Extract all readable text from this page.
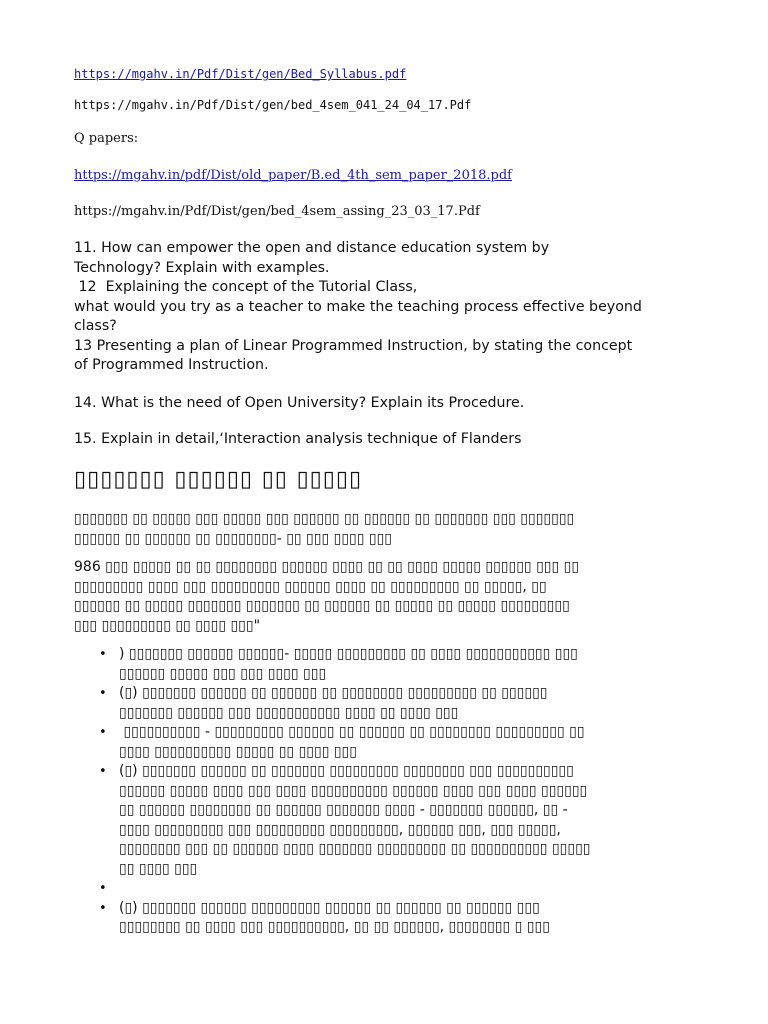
https://mgahv.in/Pdf/Dist/gen/Bed_Syllabus.pdf
https://mgahv.in/Pdf/Dist/gen/bed_4sem_041_24_04_17.Pdf
Q papers:
https://mgahv.in/pdf/Dist/old_paper/B.ed_4th_sem_paper_2018.pdf
https://mgahv.in/Pdf/Dist/gen/bed_4sem_assing_23_03_17.Pdf
11. How can empower the open and distance education system by
Technology? Explain with examples.
12  Explaining the concept of the Tutorial Class,
what would you try as a teacher to make the teaching process effective beyond
class?
13 Presenting a plan of Linear Programmed Instruction, by stating the concept
of Programmed Instruction.
14. What is the need of Open University? Explain its Procedure.
15. Explain in detail,‘Interaction analysis technique of Flanders
▯▯▯▯▯▯▯ ▯▯▯▯▯▯ ▯▯ ▯▯▯▯▯
▯▯▯▯▯▯▯ ▯▯ ▯▯▯▯▯ ▯▯▯ ▯▯▯▯▯ ▯▯▯ ▯▯▯▯▯▯ ▯▯ ▯▯▯▯▯▯ ▯▯ ▯▯▯▯▯▯▯ ▯▯▯ ▯▯▯▯▯▯▯
▯▯▯▯▯▯ ▯▯ ▯▯▯▯▯▯ ▯▯ ▯▯▯▯▯▯▯▯- ▯▯ ▯▯▯ ▯▯▯▯ ▯▯▯
986 ▯▯▯ ▯▯▯▯▯ ▯▯ ▯▯ ▯▯▯▯▯▯▯▯ ▯▯▯▯▯▯ ▯▯▯▯ ▯▯ ▯▯ ▯▯▯▯ ▯▯▯▯▯ ▯▯▯▯▯▯ ▯▯▯ ▯▯
▯▯▯▯▯▯▯▯▯ ▯▯▯▯ ▯▯▯ ▯▯▯▯▯▯▯▯▯ ▯▯▯▯▯▯ ▯▯▯▯ ▯▯ ▯▯▯▯▯▯▯▯▯ ▯▯ ▯▯▯▯▯, ▯▯
▯▯▯▯▯▯ ▯▯ ▯▯▯▯▯ ▯▯▯▯▯▯▯ ▯▯▯▯▯▯▯ ▯▯ ▯▯▯▯▯▯ ▯▯ ▯▯▯▯▯ ▯▯ ▯▯▯▯▯ ▯▯▯▯▯▯▯▯▯
▯▯▯ ▯▯▯▯▯▯▯▯▯ ▯▯ ▯▯▯▯ ▯▯▯"
• ) ▯▯▯▯▯▯▯ ▯▯▯▯▯▯ ▯▯▯▯▯▯- ▯▯▯▯▯ ▯▯▯▯▯▯▯▯▯ ▯▯ ▯▯▯▯ ▯▯▯▯▯▯▯▯▯▯▯ ▯▯▯
▯▯▯▯▯▯ ▯▯▯▯▯ ▯▯▯ ▯▯▯ ▯▯▯▯ ▯▯▯
• (▯) ▯▯▯▯▯▯▯ ▯▯▯▯▯▯ ▯▯ ▯▯▯▯▯▯ ▯▯ ▯▯▯▯▯▯▯▯ ▯▯▯▯▯▯▯▯▯ ▯▯ ▯▯▯▯▯▯
▯▯▯▯▯▯▯ ▯▯▯▯▯▯ ▯▯▯ ▯▯▯▯▯▯▯▯▯▯▯ ▯▯▯▯ ▯▯ ▯▯▯▯ ▯▯▯
•  ▯▯▯▯▯▯▯▯▯▯ - ▯▯▯▯▯▯▯▯▯ ▯▯▯▯▯▯ ▯▯ ▯▯▯▯▯▯ ▯▯ ▯▯▯▯▯▯▯▯ ▯▯▯▯▯▯▯▯▯ ▯▯
▯▯▯▯ ▯▯▯▯▯▯▯▯▯▯ ▯▯▯▯▯ ▯▯ ▯▯▯▯ ▯▯▯
• (▯) ▯▯▯▯▯▯▯ ▯▯▯▯▯▯ ▯▯ ▯▯▯▯▯▯▯ ▯▯▯▯▯▯▯▯▯ ▯▯▯▯▯▯▯▯ ▯▯▯ ▯▯▯▯▯▯▯▯▯▯
▯▯▯▯▯▯ ▯▯▯▯▯ ▯▯▯▯ ▯▯▯ ▯▯▯▯ ▯▯▯▯▯▯▯▯▯▯ ▯▯▯▯▯▯ ▯▯▯▯ ▯▯▯ ▯▯▯▯ ▯▯▯▯▯▯
▯▯ ▯▯▯▯▯▯ ▯▯▯▯▯▯▯▯ ▯▯ ▯▯▯▯▯▯ ▯▯▯▯▯▯▯ ▯▯▯▯ - ▯▯▯▯▯▯▯ ▯▯▯▯▯▯, ▯▯ -
▯▯▯▯ ▯▯▯▯▯▯▯▯▯ ▯▯▯ ▯▯▯▯▯▯▯▯▯ ▯▯▯▯▯▯▯▯▯, ▯▯▯▯▯▯ ▯▯▯, ▯▯▯ ▯▯▯▯▯,
▯▯▯▯▯▯▯▯ ▯▯▯ ▯▯ ▯▯▯▯▯▯ ▯▯▯▯ ▯▯▯▯▯▯▯ ▯▯▯▯▯▯▯▯▯ ▯▯ ▯▯▯▯▯▯▯▯▯▯ ▯▯▯▯▯
▯▯ ▯▯▯▯ ▯▯▯
•
• (▯) ▯▯▯▯▯▯▯ ▯▯▯▯▯▯ ▯▯▯▯▯▯▯▯▯ ▯▯▯▯▯▯ ▯▯ ▯▯▯▯▯▯ ▯▯ ▯▯▯▯▯▯ ▯▯▯
▯▯▯▯▯▯▯▯ ▯▯ ▯▯▯▯ ▯▯▯ ▯▯▯▯▯▯▯▯▯▯, ▯▯ ▯▯ ▯▯▯▯▯▯, ▯▯▯▯▯▯▯▯ ▯ ▯▯▯
